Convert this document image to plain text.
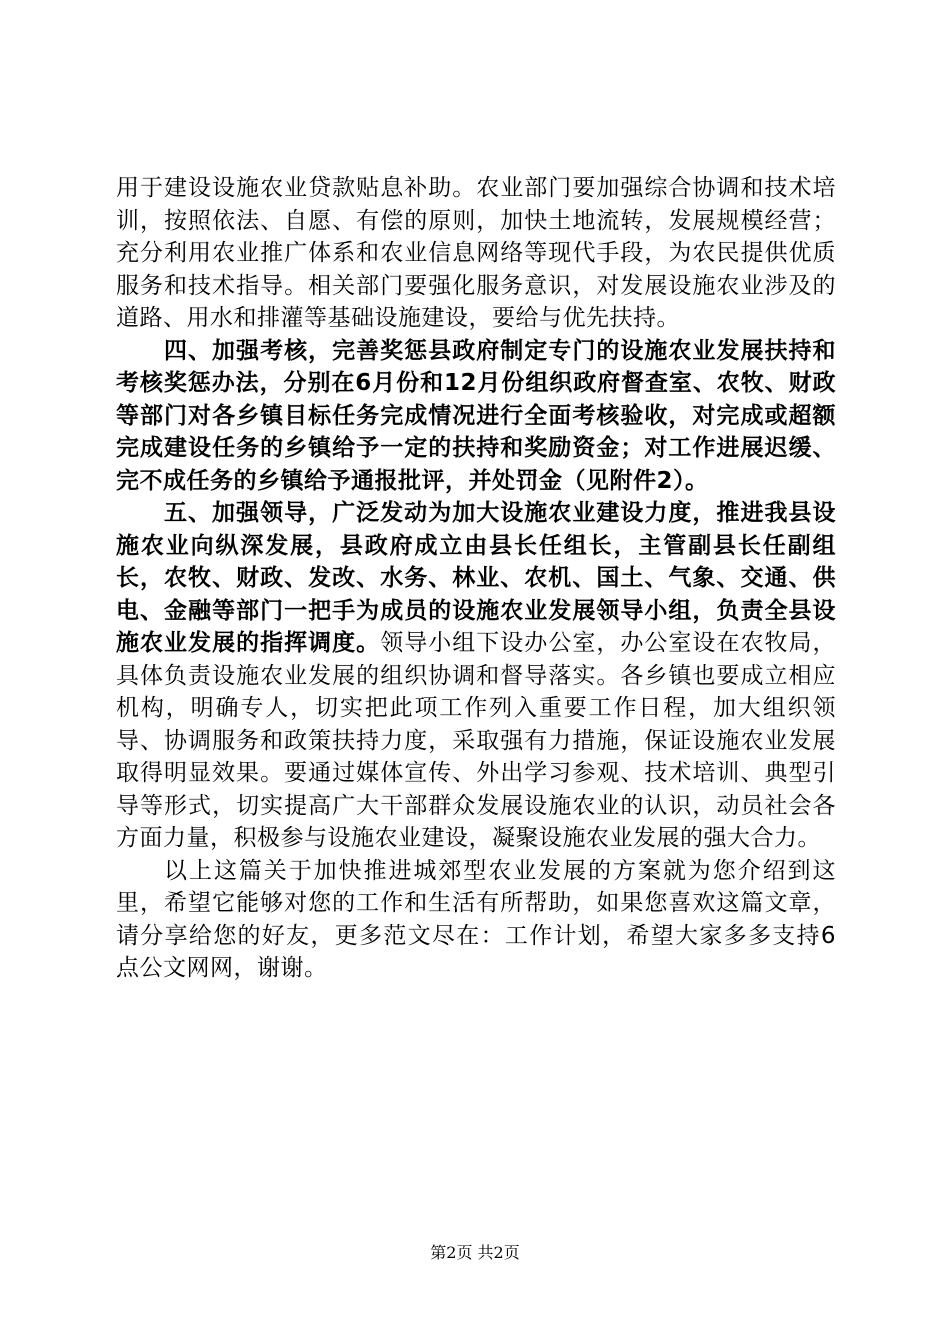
用于建设设施农业贷款贴息补助。农业部门要加强综合协调和技术培训，按照依法、自愿、有偿的原则，加快土地流转，发展规模经营；充分利用农业推广体系和农业信息网络等现代手段，为农民提供优质服务和技术指导。相关部门要强化服务意识，对发展设施农业涉及的道路、用水和排灌等基础设施建设，要给与优先扶持。

四、加强考核，完善奖惩县政府制定专门的设施农业发展扶持和考核奖惩办法，分别在6月份和12月份组织政府督查室、农牧、财政等部门对各乡镇目标任务完成情况进行全面考核验收，对完成或超额完成建设任务的乡镇给予一定的扶持和奖励资金；对工作进展迟缓、完不成任务的乡镇给予通报批评，并处罚金（见附件2）。

五、加强领导，广泛发动为加大设施农业建设力度，推进我县设施农业向纵深发展，县政府成立由县长任组长，主管副县长任副组长，农牧、财政、发改、水务、林业、农机、国土、气象、交通、供电、金融等部门一把手为成员的设施农业发展领导小组，负责全县设施农业发展的指挥调度。领导小组下设办公室，办公室设在农牧局，具体负责设施农业发展的组织协调和督导落实。各乡镇也要成立相应机构，明确专人，切实把此项工作列入重要工作日程，加大组织领导、协调服务和政策扶持力度，采取强有力措施，保证设施农业发展取得明显效果。要通过媒体宣传、外出学习参观、技术培训、典型引导等形式，切实提高广大干部群众发展设施农业的认识，动员社会各方面力量，积极参与设施农业建设，凝聚设施农业发展的强大合力。

以上这篇关于加快推进城郊型农业发展的方案就为您介绍到这里，希望它能够对您的工作和生活有所帮助，如果您喜欢这篇文章，请分享给您的好友，更多范文尽在：工作计划，希望大家多多支持6点公文网网，谢谢。

第2页 共2页
